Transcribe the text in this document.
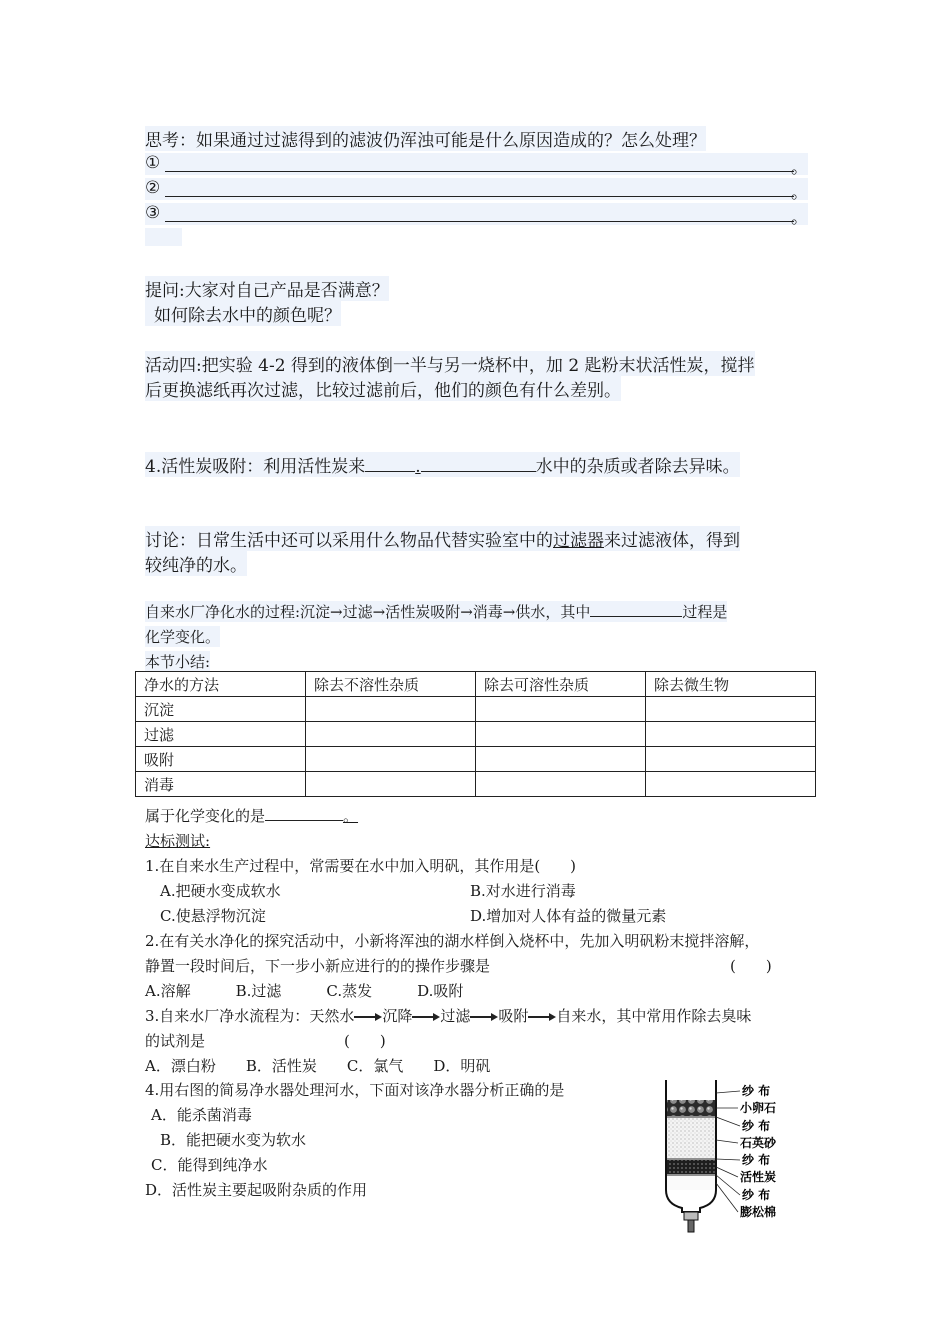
思考：如果通过过滤得到的滤波仍浑浊可能是什么原因造成的？怎么处理？
①	。
②	。
③	。
提问:大家对自己产品是否满意？
如何除去水中的颜色呢？
活动四:把实验 4-2 得到的液体倒一半与另一烧杯中，加 2 匙粉末状活性炭，搅拌
后更换滤纸再次过滤，比较过滤前后，他们的颜色有什么差别。
4.活性炭吸附：利用活性炭来	.	水中的杂质或者除去异味。
讨论：日常生活中还可以采用什么物品代替实验室中的过滤器来过滤液体，得到
较纯净的水。
自来水厂净化水的过程:沉淀→过滤→活性炭吸附→消毒→供水，其中	过程是
化学变化。
本节小结:
净水的方法	除去不溶性杂质	除去可溶性杂质	除去微生物
沉淀			
过滤			
吸附			
消毒			
属于化学变化的是	。
达标测试:
1.在自来水生产过程中，常需要在水中加入明矾，其作用是(　　)
A.把硬水变成软水	B.对水进行消毒
C.使悬浮物沉淀	D.增加对人体有益的微量元素
2.在有关水净化的探究活动中，小新将浑浊的湖水样倒入烧杯中，先加入明矾粉末搅拌溶解，
静置一段时间后，下一步小新应进行的的操作步骤是	(　　)
A.溶解　　　B.过滤　　　C.蒸发　　　D.吸附
3.自来水厂净水流程为：天然水 沉降 过滤 吸附 自来水，其中常用作除去臭味
的试剂是	(　　)
A．漂白粉　　B．活性炭　　C．氯气　　D．明矾
4.用右图的简易净水器处理河水，下面对该净水器分析正确的是
A．能杀菌消毒
B．能把硬水变为软水
C．能得到纯净水
D．活性炭主要起吸附杂质的作用
纱 布
小卵石
纱 布
石英砂
纱 布
活性炭
纱 布
膨松棉
